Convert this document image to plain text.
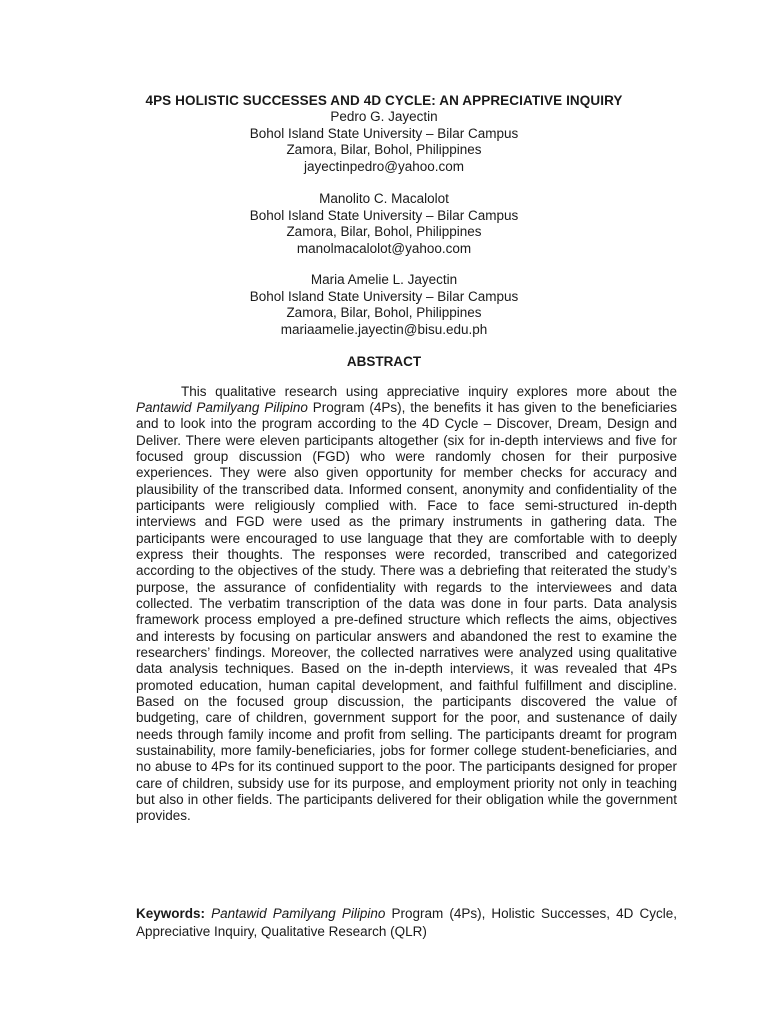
4PS HOLISTIC SUCCESSES AND 4D CYCLE: AN APPRECIATIVE INQUIRY
Pedro G. Jayectin
Bohol Island State University – Bilar Campus
Zamora, Bilar, Bohol, Philippines
jayectinpedro@yahoo.com
Manolito C. Macalolot
Bohol Island State University – Bilar Campus
Zamora, Bilar, Bohol, Philippines
manolmacalolot@yahoo.com
Maria Amelie L. Jayectin
Bohol Island State University – Bilar Campus
Zamora, Bilar, Bohol, Philippines
mariaamelie.jayectin@bisu.edu.ph
ABSTRACT

This qualitative research using appreciative inquiry explores more about the Pantawid Pamilyang Pilipino Program (4Ps), the benefits it has given to the beneficiaries and to look into the program according to the 4D Cycle – Discover, Dream, Design and Deliver. There were eleven participants altogether (six for in-depth interviews and five for focused group discussion (FGD) who were randomly chosen for their purposive experiences. They were also given opportunity for member checks for accuracy and plausibility of the transcribed data. Informed consent, anonymity and confidentiality of the participants were religiously complied with. Face to face semi-structured in-depth interviews and FGD were used as the primary instruments in gathering data. The participants were encouraged to use language that they are comfortable with to deeply express their thoughts. The responses were recorded, transcribed and categorized according to the objectives of the study. There was a debriefing that reiterated the study’s purpose, the assurance of confidentiality with regards to the interviewees and data collected. The verbatim transcription of the data was done in four parts. Data analysis framework process employed a pre-defined structure which reflects the aims, objectives and interests by focusing on particular answers and abandoned the rest to examine the researchers’ findings. Moreover, the collected narratives were analyzed using qualitative data analysis techniques. Based on the in-depth interviews, it was revealed that 4Ps promoted education, human capital development, and faithful fulfillment and discipline. Based on the focused group discussion, the participants discovered the value of budgeting, care of children, government support for the poor, and sustenance of daily needs through family income and profit from selling. The participants dreamt for program sustainability, more family-beneficiaries, jobs for former college student-beneficiaries, and no abuse to 4Ps for its continued support to the poor. The participants designed for proper care of children, subsidy use for its purpose, and employment priority not only in teaching but also in other fields. The participants delivered for their obligation while the government provides.

Keywords: Pantawid Pamilyang Pilipino Program (4Ps), Holistic Successes, 4D Cycle, Appreciative Inquiry, Qualitative Research (QLR)
